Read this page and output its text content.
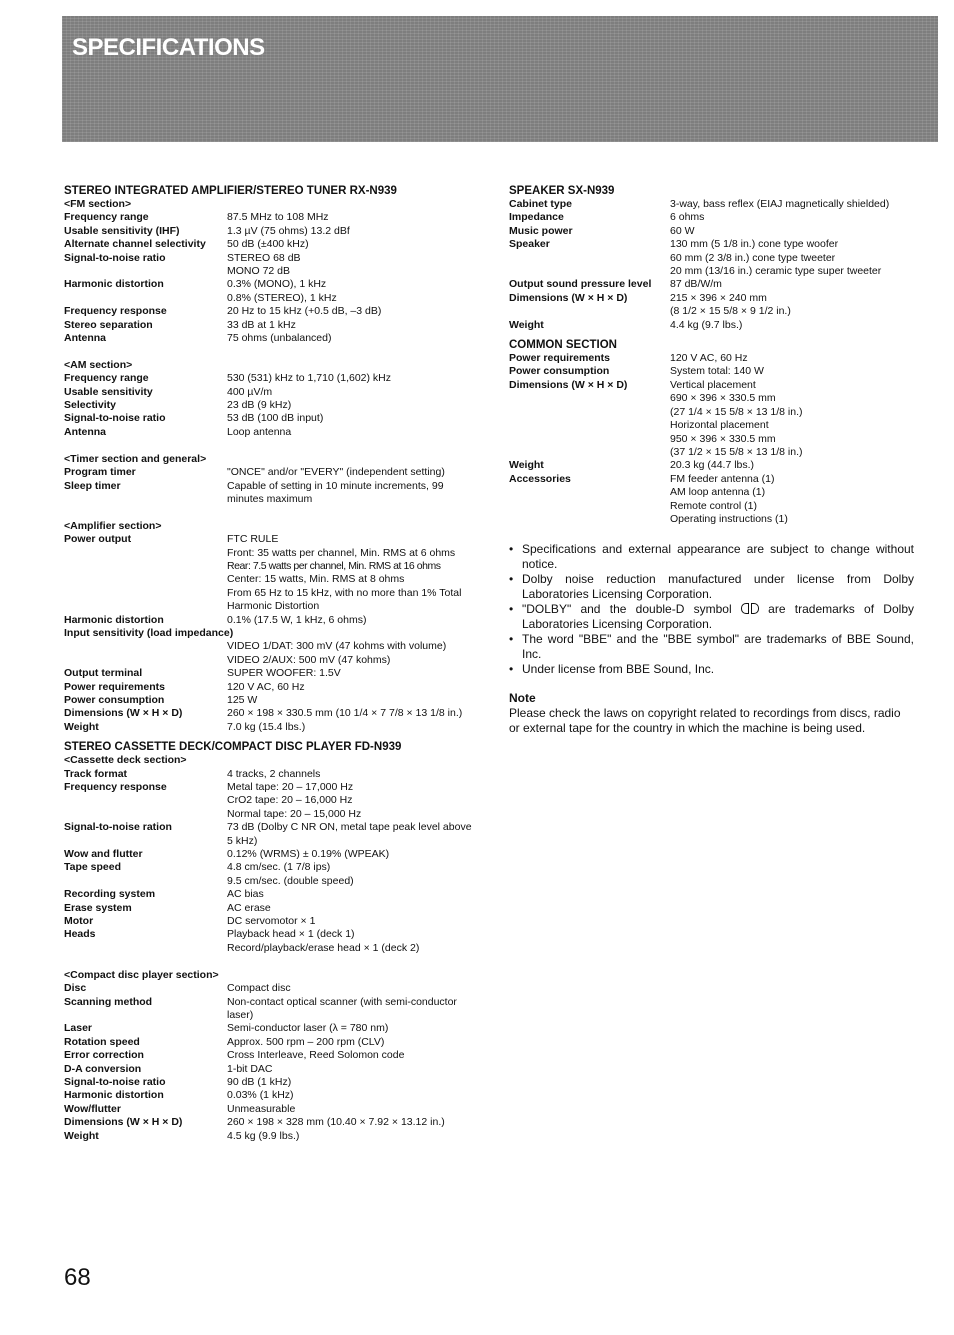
SPECIFICATIONS
STEREO INTEGRATED AMPLIFIER/STEREO TUNER RX-N939
<FM section>
Frequency range	87.5 MHz to 108 MHz
Usable sensitivity (IHF)	1.3 µV (75 ohms) 13.2 dBf
Alternate channel selectivity	50 dB (±400 kHz)
Signal-to-noise ratio	STEREO 68 dB
MONO 72 dB
Harmonic distortion	0.3% (MONO), 1 kHz
0.8% (STEREO), 1 kHz
Frequency response	20 Hz to 15 kHz (+0.5 dB, –3 dB)
Stereo separation	33 dB at 1 kHz
Antenna	75 ohms (unbalanced)
<AM section>
Frequency range	530 (531) kHz to 1,710 (1,602) kHz
Usable sensitivity	400 µV/m
Selectivity	23 dB (9 kHz)
Signal-to-noise ratio	53 dB (100 dB input)
Antenna	Loop antenna
<Timer section and general>
Program timer	"ONCE" and/or "EVERY" (independent setting)
Sleep timer	Capable of setting in 10 minute increments, 99 minutes maximum
<Amplifier section>
Power output	FTC RULE
Front: 35 watts per channel, Min. RMS at 6 ohms
Rear: 7.5 watts per channel, Min. RMS at 16 ohms
Center: 15 watts, Min. RMS at 8 ohms
From 65 Hz to 15 kHz, with no more than 1% Total Harmonic Distortion
Harmonic distortion	0.1% (17.5 W, 1 kHz, 6 ohms)
Input sensitivity (load impedance)
VIDEO 1/DAT: 300 mV (47 kohms with volume)
VIDEO 2/AUX: 500 mV (47 kohms)
Output terminal	SUPER WOOFER: 1.5V
Power requirements	120 V AC, 60 Hz
Power consumption	125 W
Dimensions (W × H × D)	260 × 198 × 330.5 mm (10 1/4 × 7 7/8 × 13 1/8 in.)
Weight	7.0 kg (15.4 lbs.)
STEREO CASSETTE DECK/COMPACT DISC PLAYER FD-N939
<Cassette deck section>
Track format	4 tracks, 2 channels
Frequency response	Metal tape: 20 – 17,000 Hz
CrO2 tape: 20 – 16,000 Hz
Normal tape: 20 – 15,000 Hz
Signal-to-noise ration	73 dB (Dolby C NR ON, metal tape peak level above 5 kHz)
Wow and flutter	0.12% (WRMS) ± 0.19% (WPEAK)
Tape speed	4.8 cm/sec. (1 7/8 ips)
9.5 cm/sec. (double speed)
Recording system	AC bias
Erase system	AC erase
Motor	DC servomotor × 1
Heads	Playback head × 1 (deck 1)
Record/playback/erase head × 1 (deck 2)
<Compact disc player section>
Disc	Compact disc
Scanning method	Non-contact optical scanner (with semi-conductor laser)
Laser	Semi-conductor laser (λ = 780 nm)
Rotation speed	Approx. 500 rpm – 200 rpm (CLV)
Error correction	Cross Interleave, Reed Solomon code
D-A conversion	1-bit DAC
Signal-to-noise ratio	90 dB (1 kHz)
Harmonic distortion	0.03% (1 kHz)
Wow/flutter	Unmeasurable
Dimensions (W × H × D)	260 × 198 × 328 mm (10.40 × 7.92 × 13.12 in.)
Weight	4.5 kg (9.9 lbs.)
SPEAKER SX-N939
Cabinet type	3-way, bass reflex (EIAJ magnetically shielded)
Impedance	6 ohms
Music power	60 W
Speaker	130 mm (5 1/8 in.) cone type woofer
60 mm (2 3/8 in.) cone type tweeter
20 mm (13/16 in.) ceramic type super tweeter
Output sound pressure level	87 dB/W/m
Dimensions (W × H × D)	215 × 396 × 240 mm
(8 1/2 × 15 5/8 × 9 1/2 in.)
Weight	4.4 kg (9.7 lbs.)
COMMON SECTION
Power requirements	120 V AC, 60 Hz
Power consumption	System total: 140 W
Dimensions (W × H × D)	Vertical placement
690 × 396 × 330.5 mm
(27 1/4 × 15 5/8 × 13 1/8 in.)
Horizontal placement
950 × 396 × 330.5 mm
(37 1/2 × 15 5/8 × 13 1/8 in.)
Weight	20.3 kg (44.7 lbs.)
Accessories	FM feeder antenna (1)
AM loop antenna (1)
Remote control (1)
Operating instructions (1)
• Specifications and external appearance are subject to change without notice.
• Dolby noise reduction manufactured under license from Dolby Laboratories Licensing Corporation.
• "DOLBY" and the double-D symbol	are trademarks of Dolby Laboratories Licensing Corporation.
• The word "BBE" and the "BBE symbol" are trademarks of BBE Sound, Inc.
• Under license from BBE Sound, Inc.
Note
Please check the laws on copyright related to recordings from discs, radio or external tape for the country in which the machine is being used.
68
